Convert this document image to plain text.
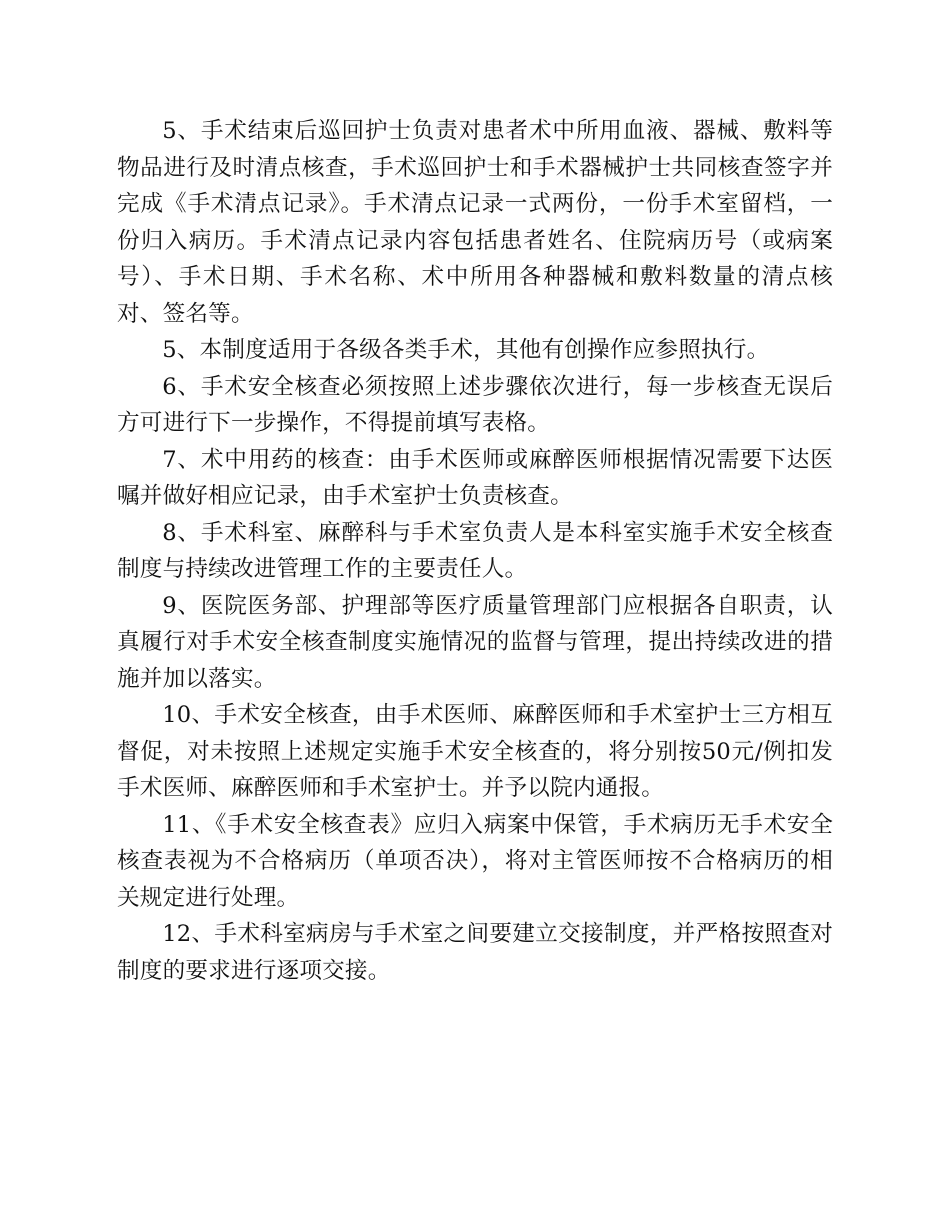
5、手术结束后巡回护士负责对患者术中所用血液、器械、敷料等物品进行及时清点核查，手术巡回护士和手术器械护士共同核查签字并完成《手术清点记录》。手术清点记录一式两份，一份手术室留档，一份归入病历。手术清点记录内容包括患者姓名、住院病历号（或病案号）、手术日期、手术名称、术中所用各种器械和敷料数量的清点核对、签名等。

5、本制度适用于各级各类手术，其他有创操作应参照执行。

6、手术安全核查必须按照上述步骤依次进行，每一步核查无误后方可进行下一步操作，不得提前填写表格。

7、术中用药的核查：由手术医师或麻醉医师根据情况需要下达医嘱并做好相应记录，由手术室护士负责核查。

8、手术科室、麻醉科与手术室负责人是本科室实施手术安全核查制度与持续改进管理工作的主要责任人。

9、医院医务部、护理部等医疗质量管理部门应根据各自职责，认真履行对手术安全核查制度实施情况的监督与管理，提出持续改进的措施并加以落实。

10、手术安全核查，由手术医师、麻醉医师和手术室护士三方相互督促，对未按照上述规定实施手术安全核查的，将分别按50元/例扣发手术医师、麻醉医师和手术室护士。并予以院内通报。

11、《手术安全核查表》应归入病案中保管，手术病历无手术安全核查表视为不合格病历（单项否决），将对主管医师按不合格病历的相关规定进行处理。

12、手术科室病房与手术室之间要建立交接制度，并严格按照查对制度的要求进行逐项交接。
